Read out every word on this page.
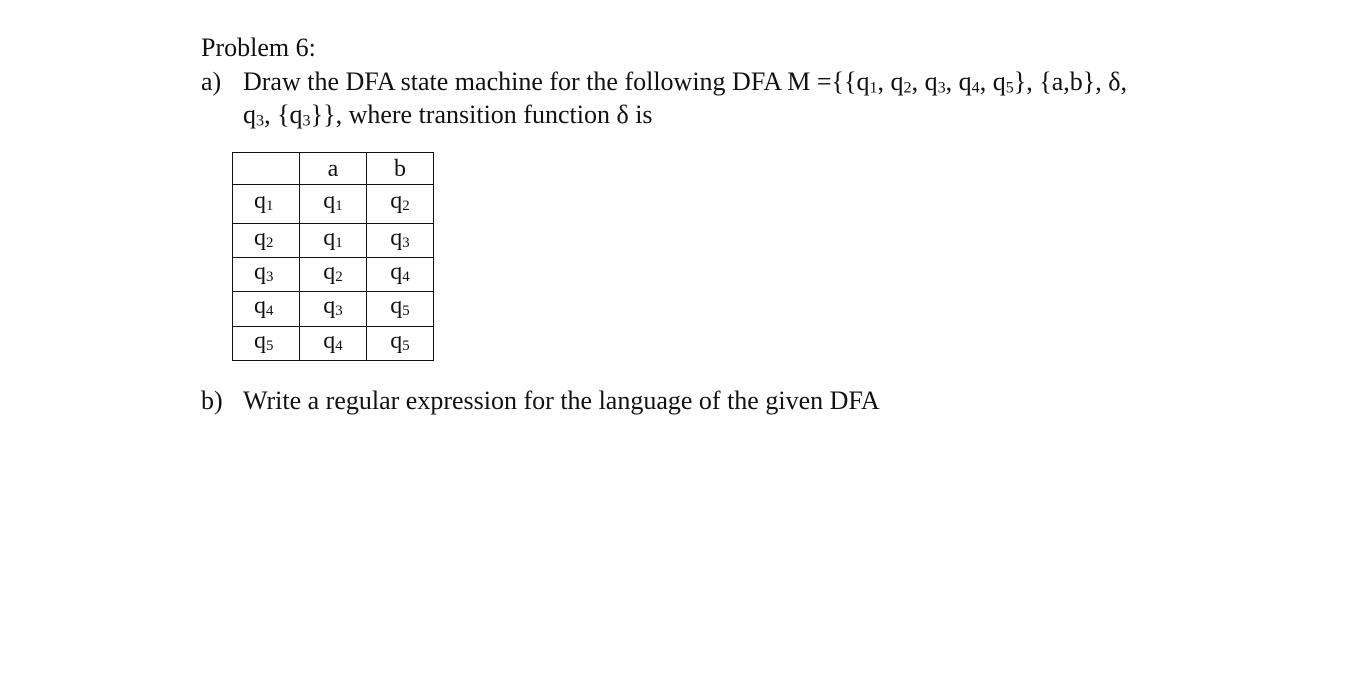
Problem 6:
a) Draw the DFA state machine for the following DFA $M =\{\{q_1$, $q_2$, $q_3$, $q_4$, $q_5$}, {a,b}, δ,
$q_3$, $\{q_3\}$}, where transition function δ is
	a	b
$q_1$	$q_1$	$q_2$
$q_2$	$q_1$	$q_3$
$q_3$	$q_2$	$q_4$
$q_4$	$q_3$	$q_5$
$q_5$	$q_4$	$q_5$
b) Write a regular expression for the language of the given DFA
